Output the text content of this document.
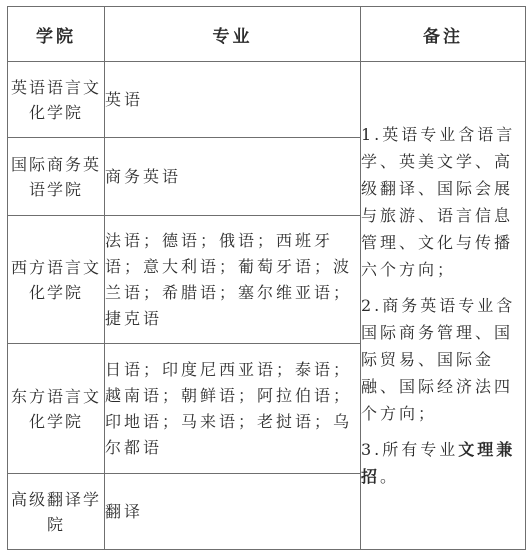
学院	专业	备注
英语语言文化学院	英语	1.英语专业含语言学、英美文学、高级翻译、国际会展与旅游、语言信息管理、文化与传播六个方向；
2.商务英语专业含国际商务管理、国际贸易、国际金融、国际经济法四个方向；
3.所有专业文理兼招。

国际商务英语学院	商务英语	
西方语言文化学院	法语；德语；俄语；西班牙语；意大利语；葡萄牙语；波兰语；希腊语；塞尔维亚语；捷克语	
东方语言文化学院	日语；印度尼西亚语；泰语；越南语；朝鲜语；阿拉伯语；印地语；马来语；老挝语；乌尔都语	
高级翻译学院	翻译	
